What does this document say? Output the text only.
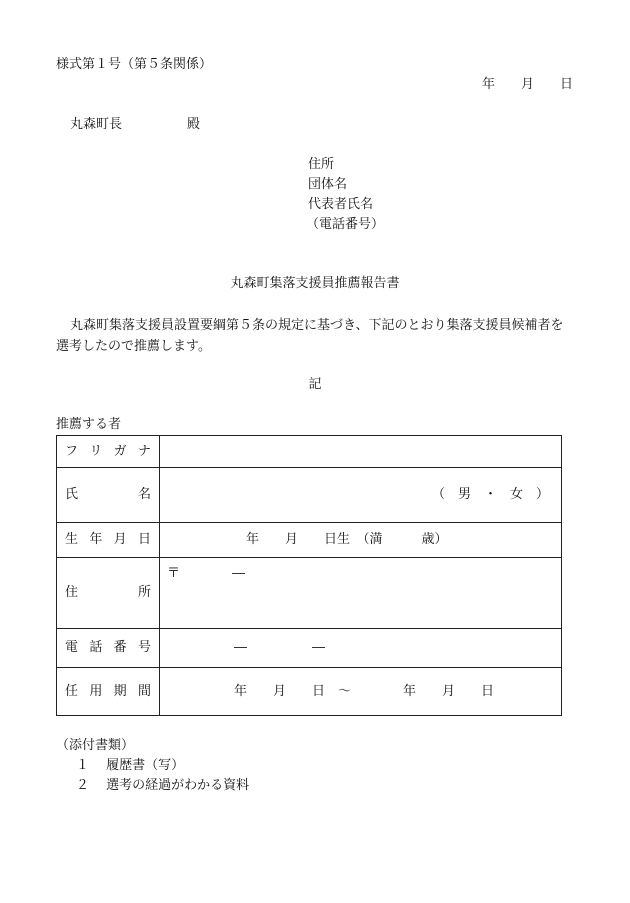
様式第１号（第５条関係）
年　　月　　日
丸森町長	殿
住所
団体名
代表者氏名
（電話番号）
丸森町集落支援員推薦報告書
丸森町集落支援員設置要綱第５条の規定に基づき、下記のとおり集落支援員候補者を
選考したので推薦します。
記
推薦する者
フ リ ガ ナ	

氏 名	（　男　・　女　）

生 年 月 日	年　　月　　日生　（満　　　歳）

住 所	〒　　　　―

電 話 番 号	―　　　　　―

任 用 期 間	年　　月　　日　～　　　　年　　月　　日
（添付書類）
１　 履歴書（写）
２　 選考の経過がわかる資料
